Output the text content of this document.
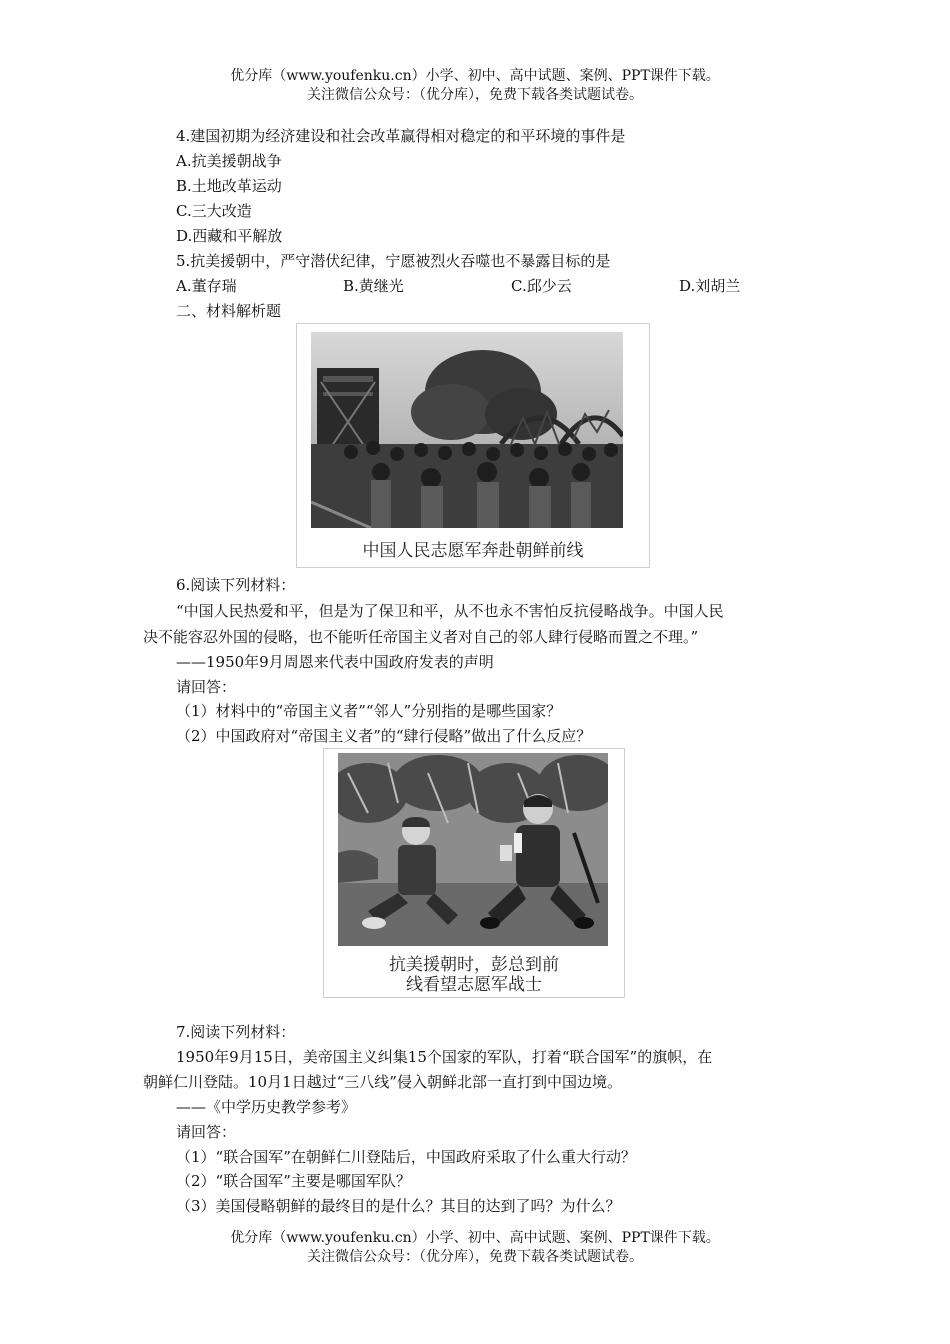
优分库（www.youfenku.cn）小学、初中、高中试题、案例、PPT课件下载。
关注微信公众号：（优分库），免费下载各类试题试卷。
4.建国初期为经济建设和社会改革赢得相对稳定的和平环境的事件是
A.抗美援朝战争
B.土地改革运动
C.三大改造
D.西藏和平解放
5.抗美援朝中，严守潜伏纪律，宁愿被烈火吞噬也不暴露目标的是
A.董存瑞	B.黄继光	C.邱少云	D.刘胡兰
二、材料解析题
中国人民志愿军奔赴朝鲜前线
6.阅读下列材料：
“中国人民热爱和平，但是为了保卫和平，从不也永不害怕反抗侵略战争。中国人民
决不能容忍外国的侵略，也不能听任帝国主义者对自己的邻人肆行侵略而置之不理。”
——1950年9月周恩来代表中国政府发表的声明
请回答：
（1）材料中的“帝国主义者”“邻人”分别指的是哪些国家？
（2）中国政府对“帝国主义者”的“肆行侵略”做出了什么反应？
抗美援朝时，彭总到前
线看望志愿军战士
7.阅读下列材料：
1950年9月15日，美帝国主义纠集15个国家的军队，打着“联合国军”的旗帜，在
朝鲜仁川登陆。10月1日越过“三八线”侵入朝鲜北部一直打到中国边境。
——《中学历史教学参考》
请回答：
（1）“联合国军”在朝鲜仁川登陆后，中国政府采取了什么重大行动？
（2）“联合国军”主要是哪国军队？
（3）美国侵略朝鲜的最终目的是什么？其目的达到了吗？为什么？
优分库（www.youfenku.cn）小学、初中、高中试题、案例、PPT课件下载。
关注微信公众号：（优分库），免费下载各类试题试卷。
